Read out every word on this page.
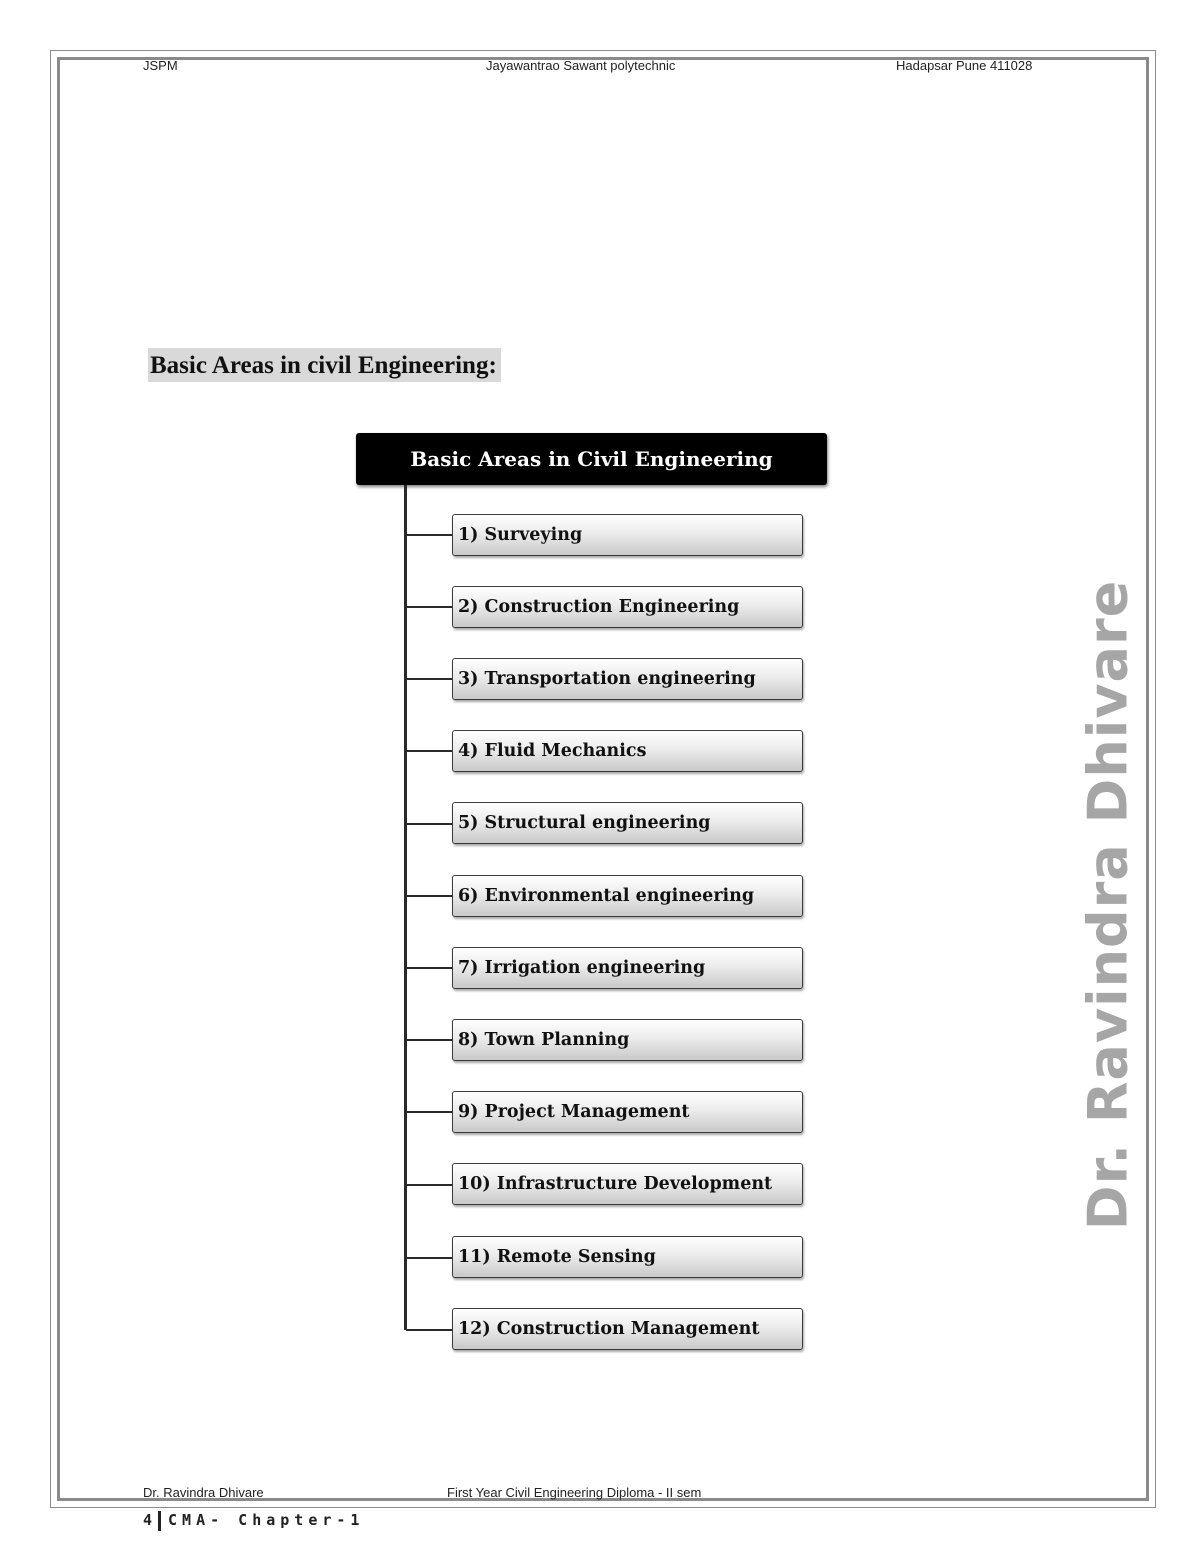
JSPM	Jayawantrao Sawant polytechnic	Hadapsar Pune 411028
Basic Areas in civil Engineering:
Basic Areas in Civil Engineering
1) Surveying
2) Construction Engineering
3) Transportation engineering
4) Fluid Mechanics
5) Structural engineering
6) Environmental engineering
7) Irrigation engineering
8) Town Planning
9) Project Management
10) Infrastructure Development
11) Remote Sensing
12) Construction Management
Dr. Ravindra Dhivare
Dr. Ravindra Dhivare	First Year Civil Engineering Diploma - II sem
4 CMA- Chapter-1
